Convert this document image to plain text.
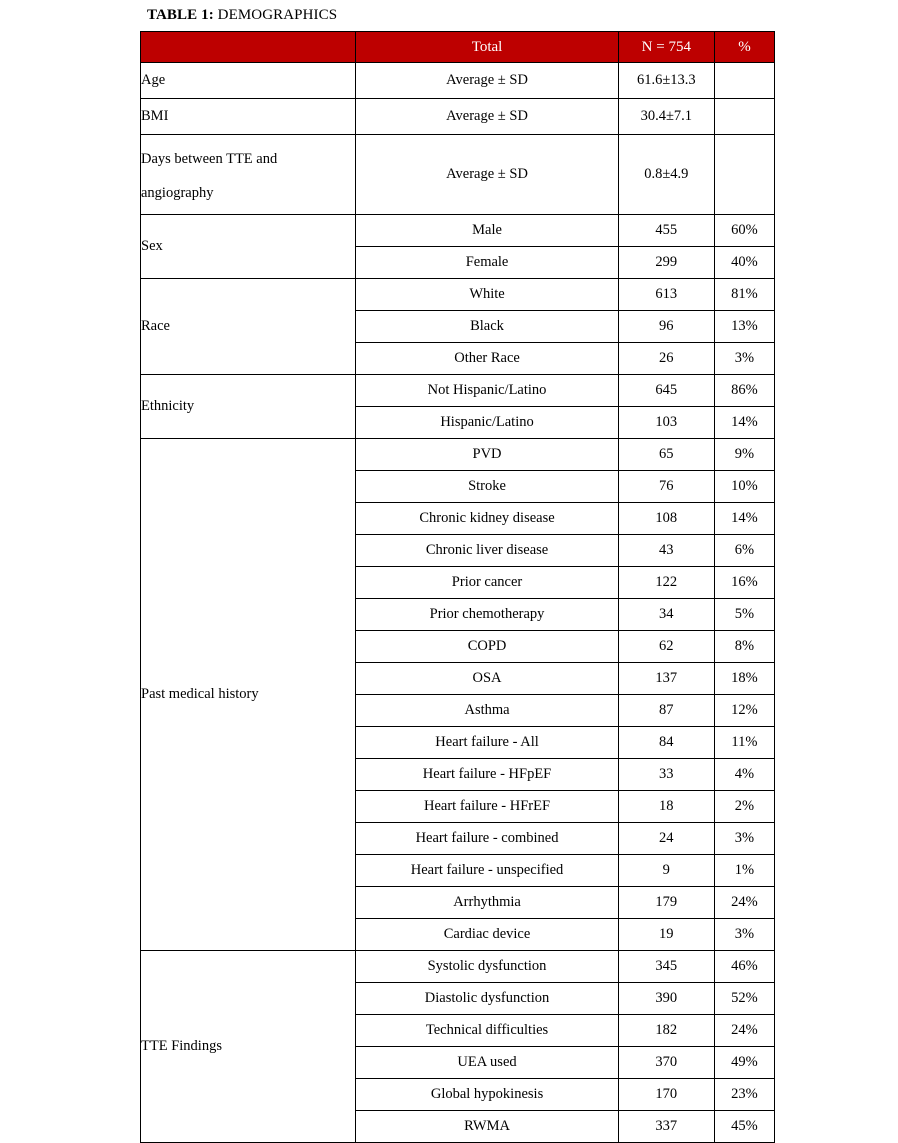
TABLE 1: DEMOGRAPHICS
	Total	N = 754	%
Age	Average ± SD	61.6±13.3	
BMI	Average ± SD	30.4±7.1	

Days between TTE and
angiography	Average ± SD	0.8±4.9	
Sex	Male	455	60%
	Female	299	40%
Race	White	613	81%
	Black	96	13%
	Other Race	26	3%
Ethnicity	Not Hispanic/Latino	645	86%
	Hispanic/Latino	103	14%
Past medical history	PVD	65	9%
	Stroke	76	10%
	Chronic kidney disease	108	14%
	Chronic liver disease	43	6%
	Prior cancer	122	16%
	Prior chemotherapy	34	5%
	COPD	62	8%
	OSA	137	18%
	Asthma	87	12%
	Heart failure - All	84	11%
	Heart failure - HFpEF	33	4%
	Heart failure - HFrEF	18	2%
	Heart failure - combined	24	3%
	Heart failure - unspecified	9	1%
	Arrhythmia	179	24%
	Cardiac device	19	3%
TTE Findings	Systolic dysfunction	345	46%
	Diastolic dysfunction	390	52%
	Technical difficulties	182	24%
	UEA used	370	49%
	Global hypokinesis	170	23%
	RWMA	337	45%
